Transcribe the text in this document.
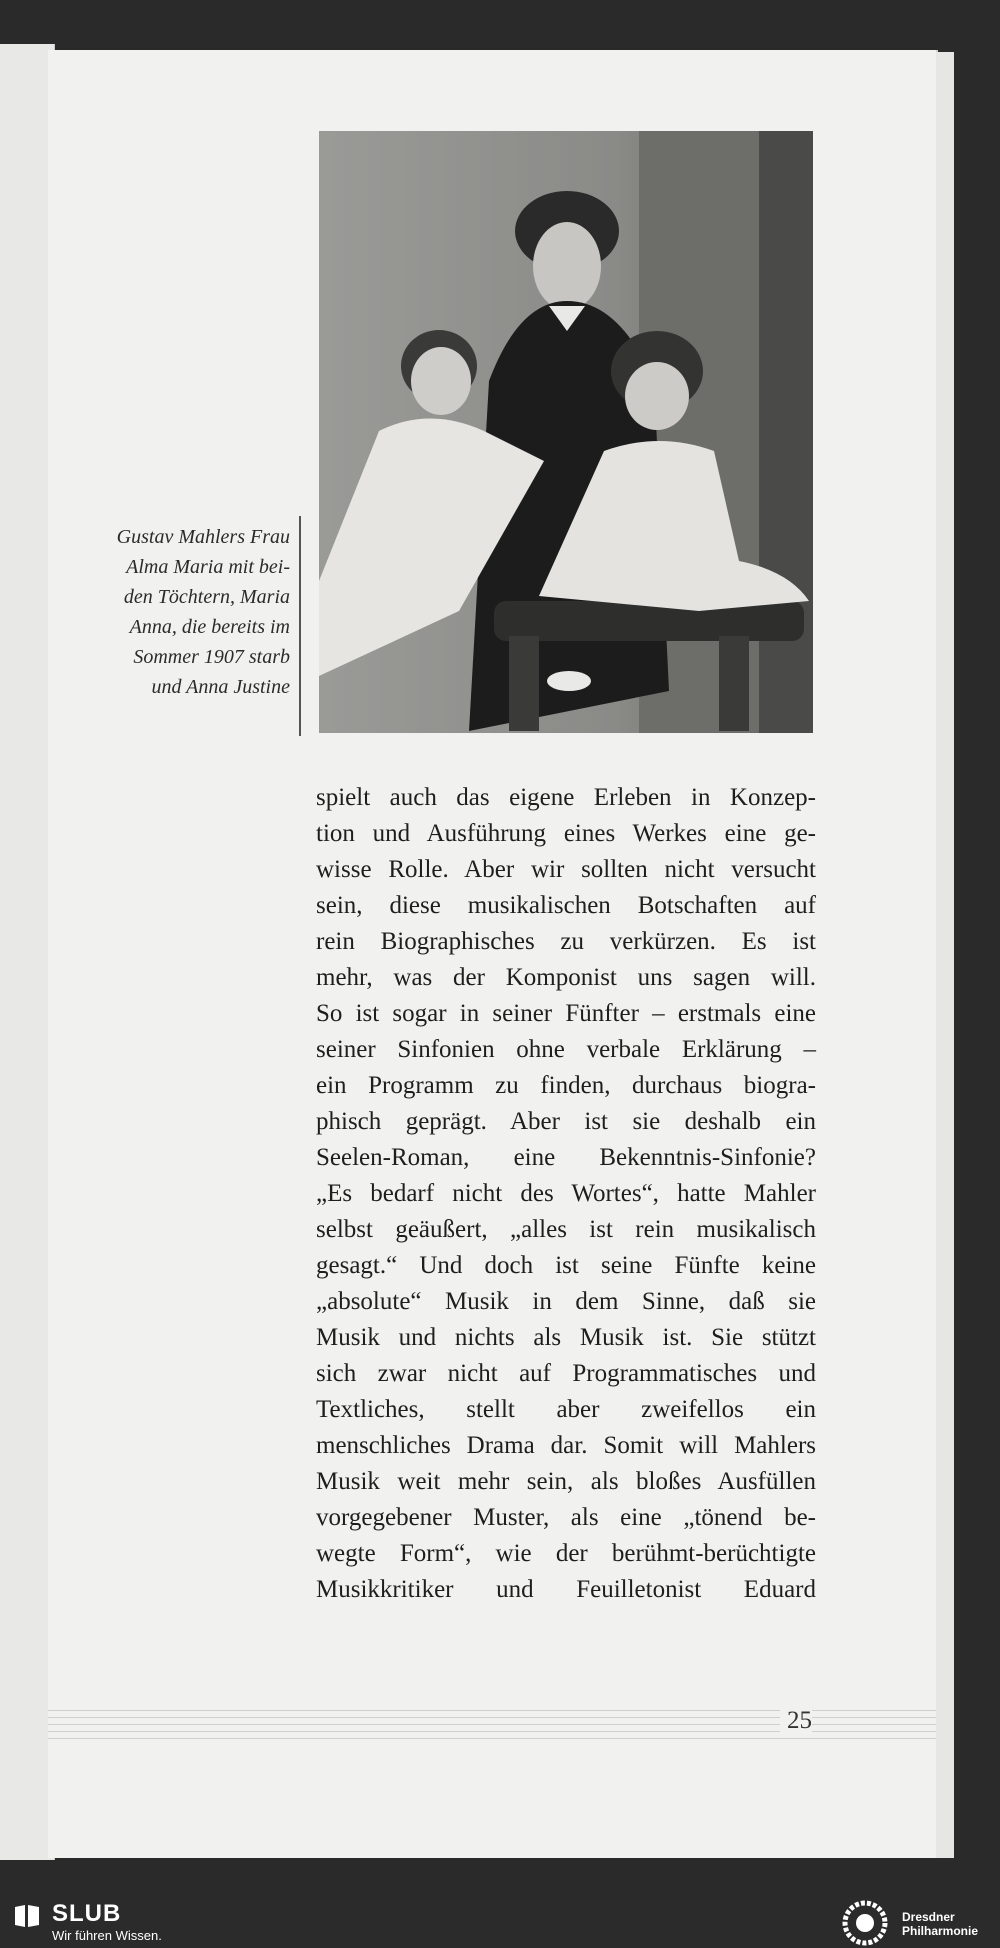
Gustav Mahlers Frau
Alma Maria mit bei-
den Töchtern, Maria
Anna, die bereits im
Sommer 1907 starb
und Anna Justine
spielt auch das eigene Erleben in Konzep-
tion und Ausführung eines Werkes eine ge-
wisse Rolle. Aber wir sollten nicht versucht
sein, diese musikalischen Botschaften auf
rein Biographisches zu verkürzen. Es ist
mehr, was der Komponist uns sagen will.
So ist sogar in seiner Fünfter – erstmals eine
seiner Sinfonien ohne verbale Erklärung –
ein Programm zu finden, durchaus biogra-
phisch geprägt. Aber ist sie deshalb ein
Seelen-Roman, eine Bekenntnis-Sinfonie?
„Es bedarf nicht des Wortes“, hatte Mahler
selbst geäußert, „alles ist rein musikalisch
gesagt.“ Und doch ist seine Fünfte keine
„absolute“ Musik in dem Sinne, daß sie
Musik und nichts als Musik ist. Sie stützt
sich zwar nicht auf Programmatisches und
Textliches, stellt aber zweifellos ein
menschliches Drama dar. Somit will Mahlers
Musik weit mehr sein, als bloßes Ausfüllen
vorgegebener Muster, als eine „tönend be-
wegte Form“, wie der berühmt-berüchtigte
Musikkritiker und Feuilletonist Eduard
25
SLUB
Wir führen Wissen.
Dresdner
Philharmonie
